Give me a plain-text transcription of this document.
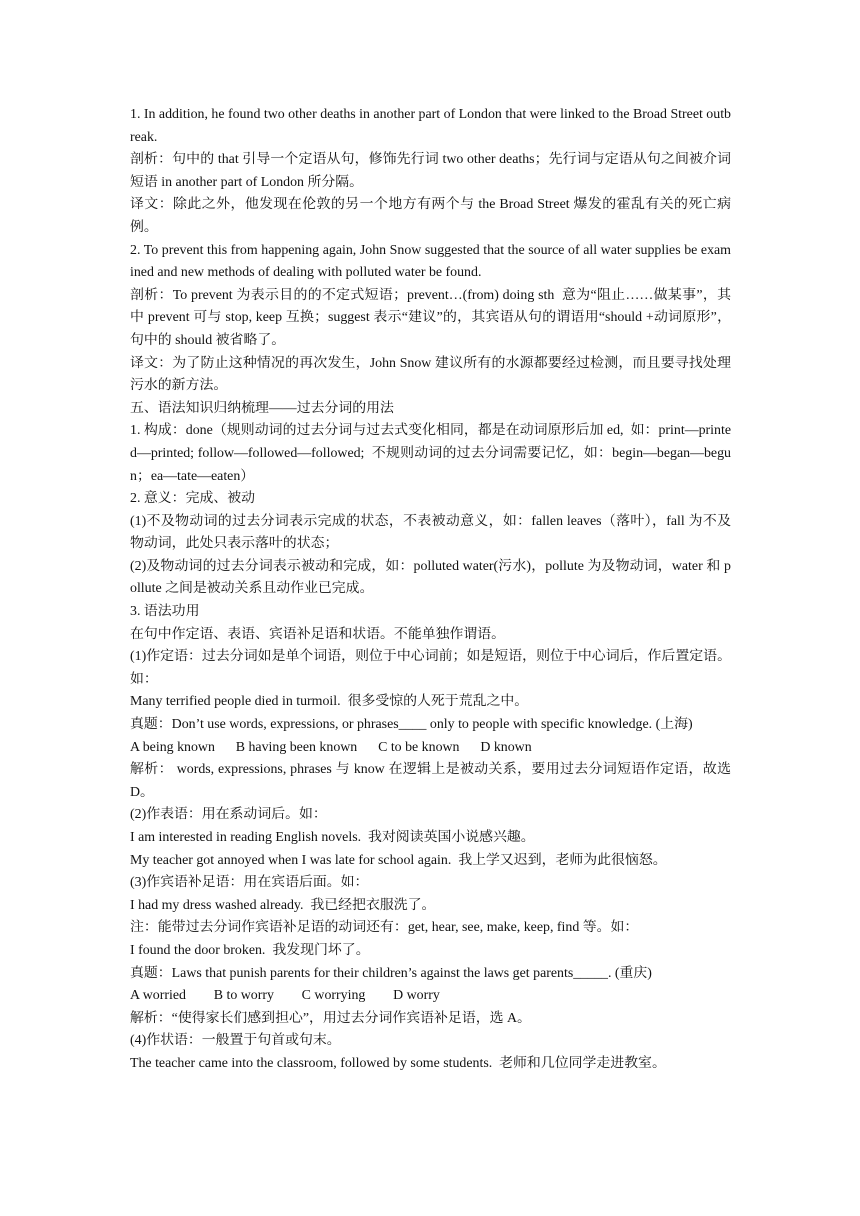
1. In addition, he found two other deaths in another part of London that were linked to the Broad Street outbreak.

剖析：句中的 that 引导一个定语从句，修饰先行词 two other deaths；先行词与定语从句之间被介词短语 in another part of London 所分隔。

译文：除此之外，他发现在伦敦的另一个地方有两个与 the Broad Street 爆发的霍乱有关的死亡病例。

2. To prevent this from happening again, John Snow suggested that the source of all water supplies be examined and new methods of dealing with polluted water be found.

剖析：To prevent 为表示目的的不定式短语；prevent…(from) doing sth  意为“阻止……做某事”，其中 prevent 可与 stop, keep 互换；suggest 表示“建议”的，其宾语从句的谓语用“should +动词原形”，句中的 should 被省略了。

译文：为了防止这种情况的再次发生，John Snow 建议所有的水源都要经过检测，而且要寻找处理污水的新方法。

五、语法知识归纳梳理——过去分词的用法

1. 构成：done（规则动词的过去分词与过去式变化相同，都是在动词原形后加 ed,  如：print—printed—printed; follow—followed—followed;  不规则动词的过去分词需要记忆，如：begin—began—begun；ea—tate—eaten）

2. 意义：完成、被动

(1)不及物动词的过去分词表示完成的状态，不表被动意义，如：fallen leaves（落叶），fall 为不及物动词，此处只表示落叶的状态；

(2)及物动词的过去分词表示被动和完成，如：polluted water(污水)，pollute 为及物动词，water 和 pollute 之间是被动关系且动作业已完成。

3. 语法功用

在句中作定语、表语、宾语补足语和状语。不能单独作谓语。

(1)作定语：过去分词如是单个词语，则位于中心词前；如是短语，则位于中心词后，作后置定语。如：

Many terrified people died in turmoil.  很多受惊的人死于荒乱之中。

真题：Don’t use words, expressions, or phrases____ only to people with specific knowledge. (上海)

A being known      B having been known      C to be known      D known

解析： words, expressions, phrases 与 know 在逻辑上是被动关系，要用过去分词短语作定语，故选 D。

(2)作表语：用在系动词后。如：

I am interested in reading English novels.  我对阅读英国小说感兴趣。

My teacher got annoyed when I was late for school again.  我上学又迟到，老师为此很恼怒。

(3)作宾语补足语：用在宾语后面。如：

I had my dress washed already.  我已经把衣服洗了。

注：能带过去分词作宾语补足语的动词还有：get, hear, see, make, keep, find 等。如：

I found the door broken.  我发现门坏了。

真题：Laws that punish parents for their children’s against the laws get parents_____. (重庆)

A worried        B to worry        C worrying        D worry

解析：“使得家长们感到担心”，用过去分词作宾语补足语，选 A。

(4)作状语：一般置于句首或句末。

The teacher came into the classroom, followed by some students.  老师和几位同学走进教室。
